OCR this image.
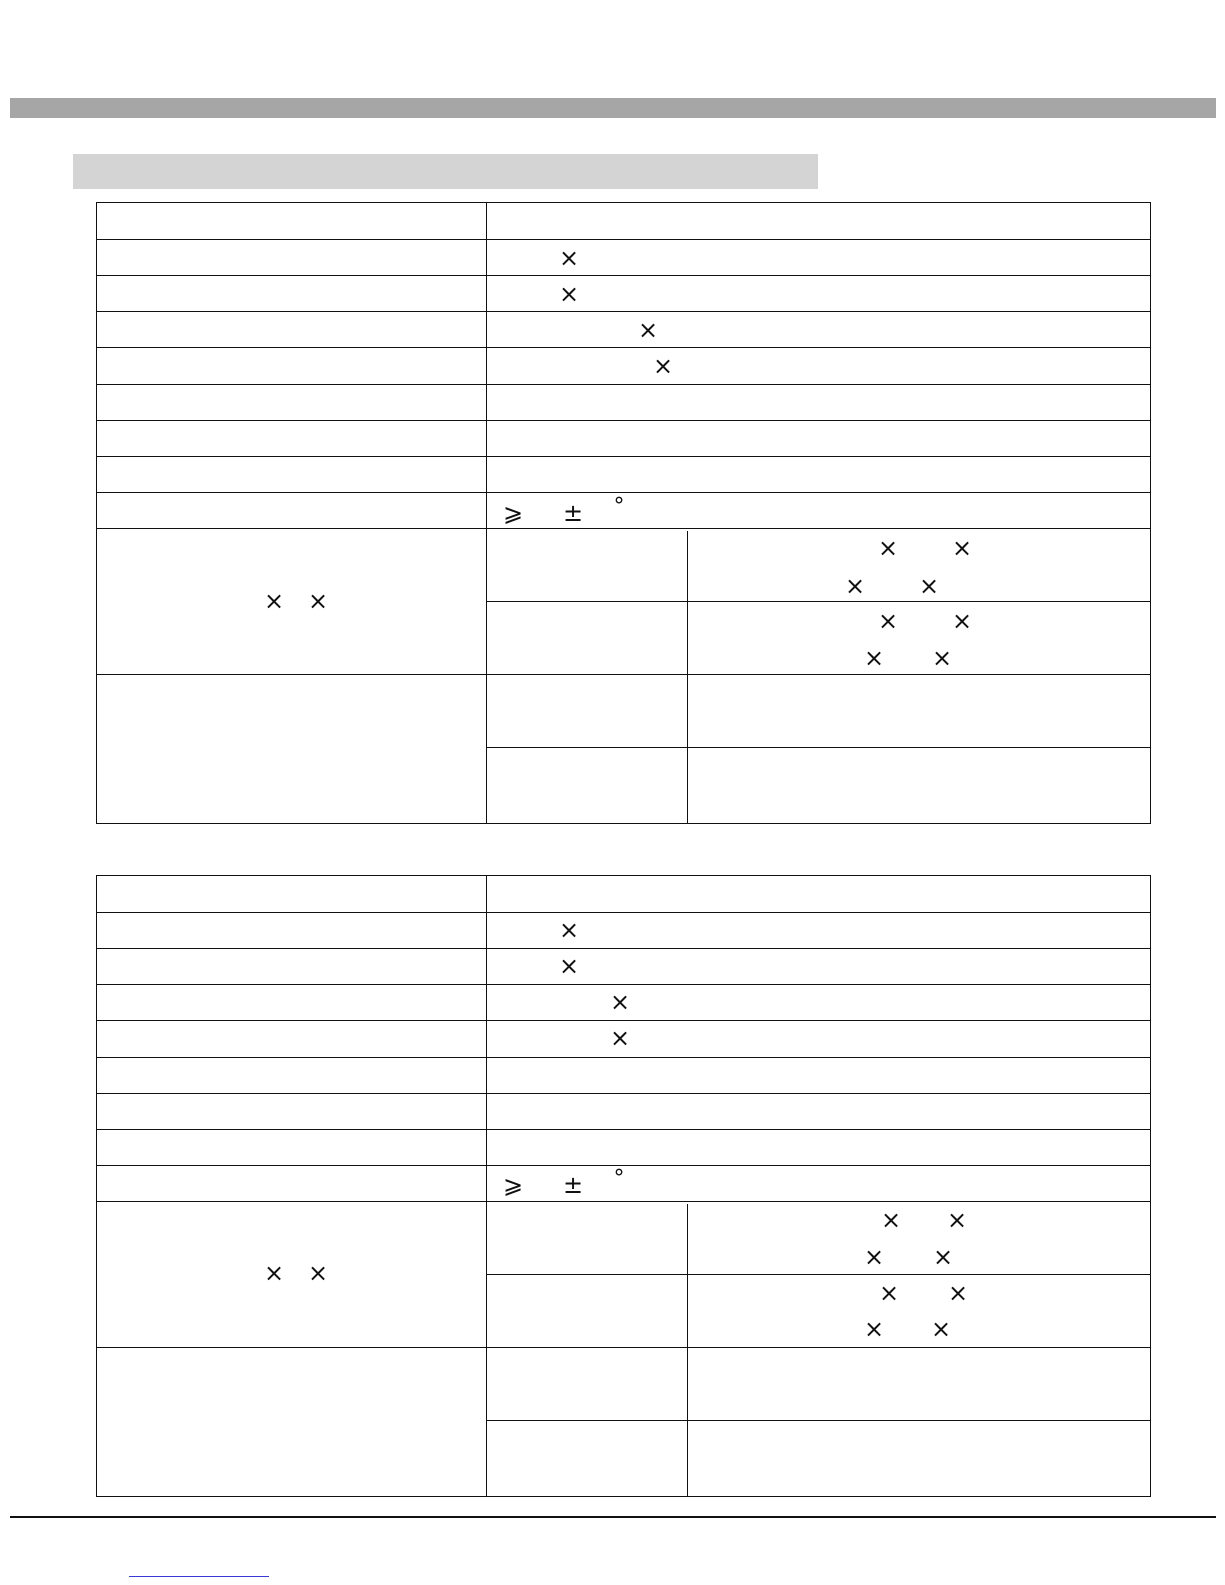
×
×
×
×
⩾ ± °
× ×
× ×
× ×
× ×
× ×
×
×
×
×
⩾ ± °
× ×
× ×
× ×
× ×
× ×
